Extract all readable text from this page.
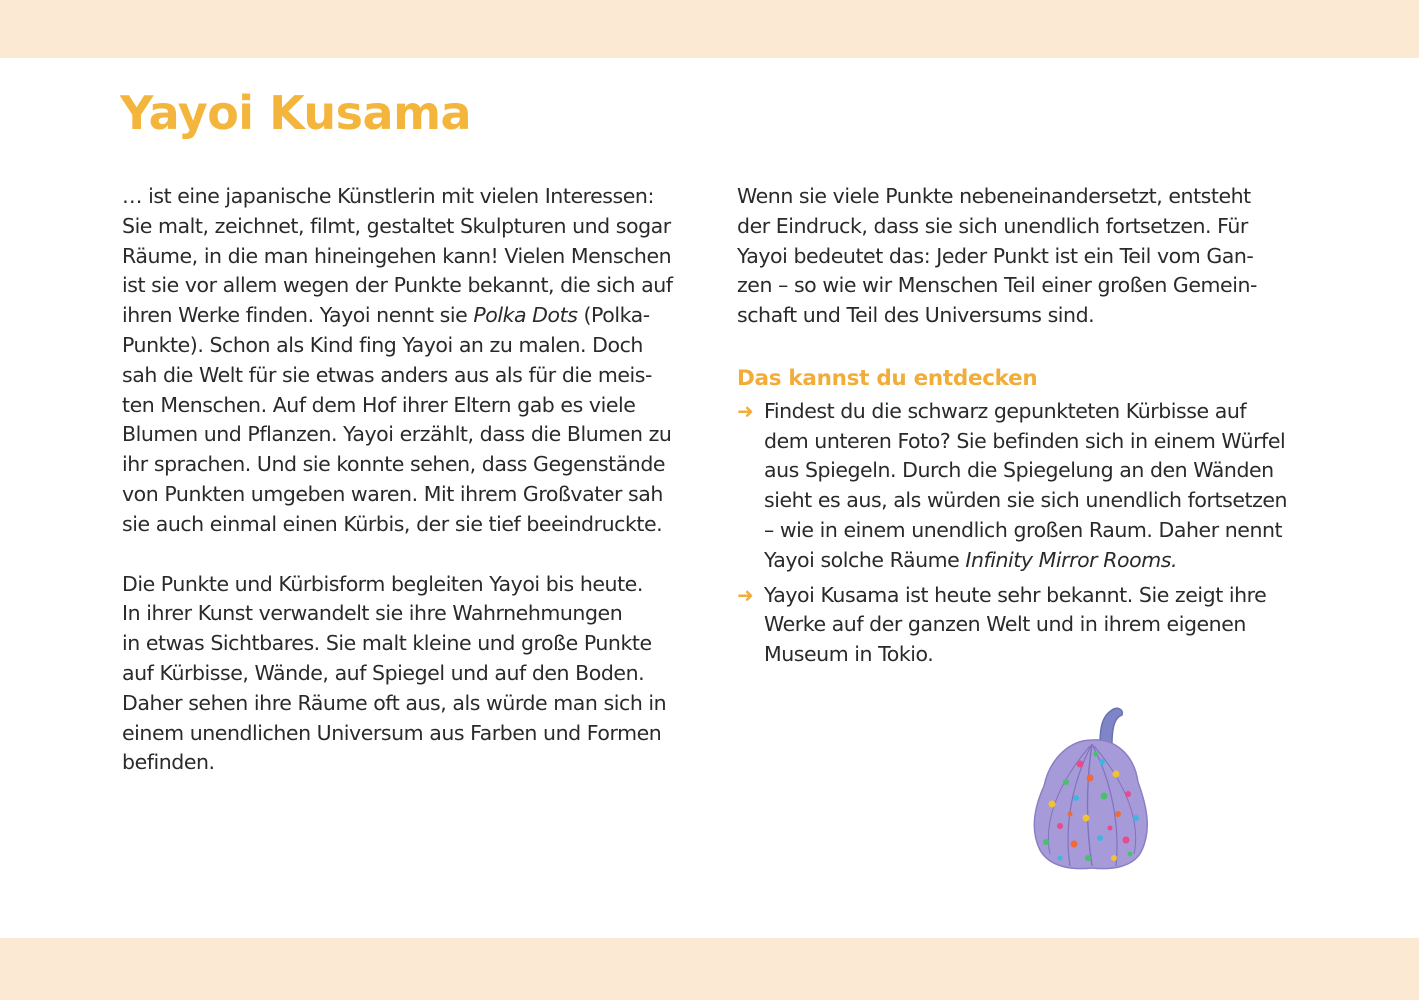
Yayoi Kusama

… ist eine japanische Künstlerin mit vielen Interessen:
Sie malt, zeichnet, filmt, gestaltet Skulpturen und sogar
Räume, in die man hineingehen kann! Vielen Menschen
ist sie vor allem wegen der Punkte bekannt, die sich auf
ihren Werke finden. Yayoi nennt sie Polka Dots (Polka-
Punkte). Schon als Kind fing Yayoi an zu malen. Doch
sah die Welt für sie etwas anders aus als für die meis-
ten Menschen. Auf dem Hof ihrer Eltern gab es viele
Blumen und Pflanzen. Yayoi erzählt, dass die Blumen zu
ihr sprachen. Und sie konnte sehen, dass Gegenstände
von Punkten umgeben waren. Mit ihrem Großvater sah
sie auch einmal einen Kürbis, der sie tief beeindruckte.

Die Punkte und Kürbisform begleiten Yayoi bis heute.
In ihrer Kunst verwandelt sie ihre Wahrnehmungen
in etwas Sichtbares. Sie malt kleine und große Punkte
auf Kürbisse, Wände, auf Spiegel und auf den Boden.
Daher sehen ihre Räume oft aus, als würde man sich in
einem unendlichen Universum aus Farben und Formen
befinden.

Wenn sie viele Punkte nebeneinandersetzt, entsteht
der Eindruck, dass sie sich unendlich fortsetzen. Für
Yayoi bedeutet das: Jeder Punkt ist ein Teil vom Gan-
zen – so wie wir Menschen Teil einer großen Gemein-
schaft und Teil des Universums sind.

Das kannst du entdecken
➜ Findest du die schwarz gepunkteten Kürbisse auf
dem unteren Foto? Sie befinden sich in einem Würfel
aus Spiegeln. Durch die Spiegelung an den Wänden
sieht es aus, als würden sie sich unendlich fortsetzen
– wie in einem unendlich großen Raum. Daher nennt
Yayoi solche Räume Infinity Mirror Rooms.
➜ Yayoi Kusama ist heute sehr bekannt. Sie zeigt ihre
Werke auf der ganzen Welt und in ihrem eigenen
Museum in Tokio.
